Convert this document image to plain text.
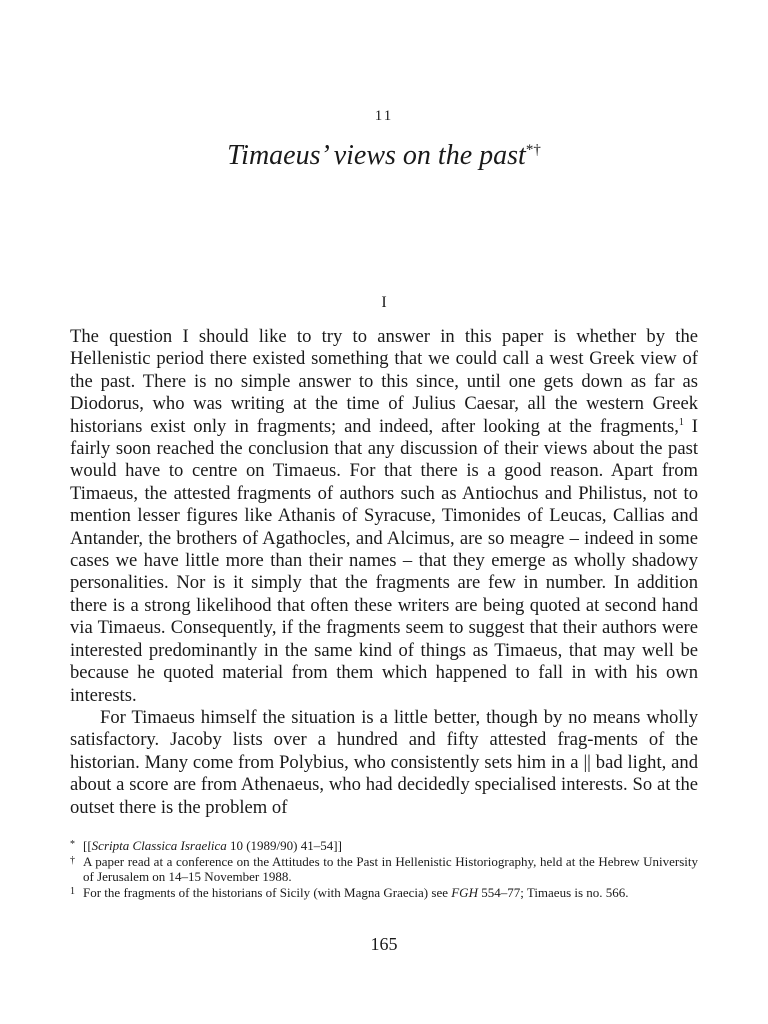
11
Timaeus’ views on the past*†
I

The question I should like to try to answer in this paper is whether by the Hellenistic period there existed something that we could call a west Greek view of the past. There is no simple answer to this since, until one gets down as far as Diodorus, who was writing at the time of Julius Caesar, all the western Greek historians exist only in fragments; and indeed, after looking at the fragments,$^1$ I fairly soon reached the conclusion that any discussion of their views about the past would have to centre on Timaeus. For that there is a good reason. Apart from Timaeus, the attested fragments of authors such as Antiochus and Philistus, not to mention lesser figures like Athanis of Syracuse, Timonides of Leucas, Callias and Antander, the brothers of Agathocles, and Alcimus, are so meagre – indeed in some cases we have little more than their names – that they emerge as wholly shadowy personalities. Nor is it simply that the fragments are few in number. In addition there is a strong likelihood that often these writers are being quoted at second hand via Timaeus. Consequently, if the fragments seem to suggest that their authors were interested predominantly in the same kind of things as Timaeus, that may well be because he quoted material from them which happened to fall in with his own interests.

For Timaeus himself the situation is a little better, though by no means wholly satisfactory. Jacoby lists over a hundred and fifty attested frag-ments of the historian. Many come from Polybius, who consistently sets him in a || bad light, and about a score are from Athenaeus, who had decidedly specialised interests. So at the outset there is the problem of

* [[Scripta Classica Israelica 10 (1989/90) 41–54]]
† A paper read at a conference on the Attitudes to the Past in Hellenistic Historiography, held at the Hebrew University of Jerusalem on 14–15 November 1988.
1 For the fragments of the historians of Sicily (with Magna Graecia) see FGH 554–77; Timaeus is no. 566.
165
